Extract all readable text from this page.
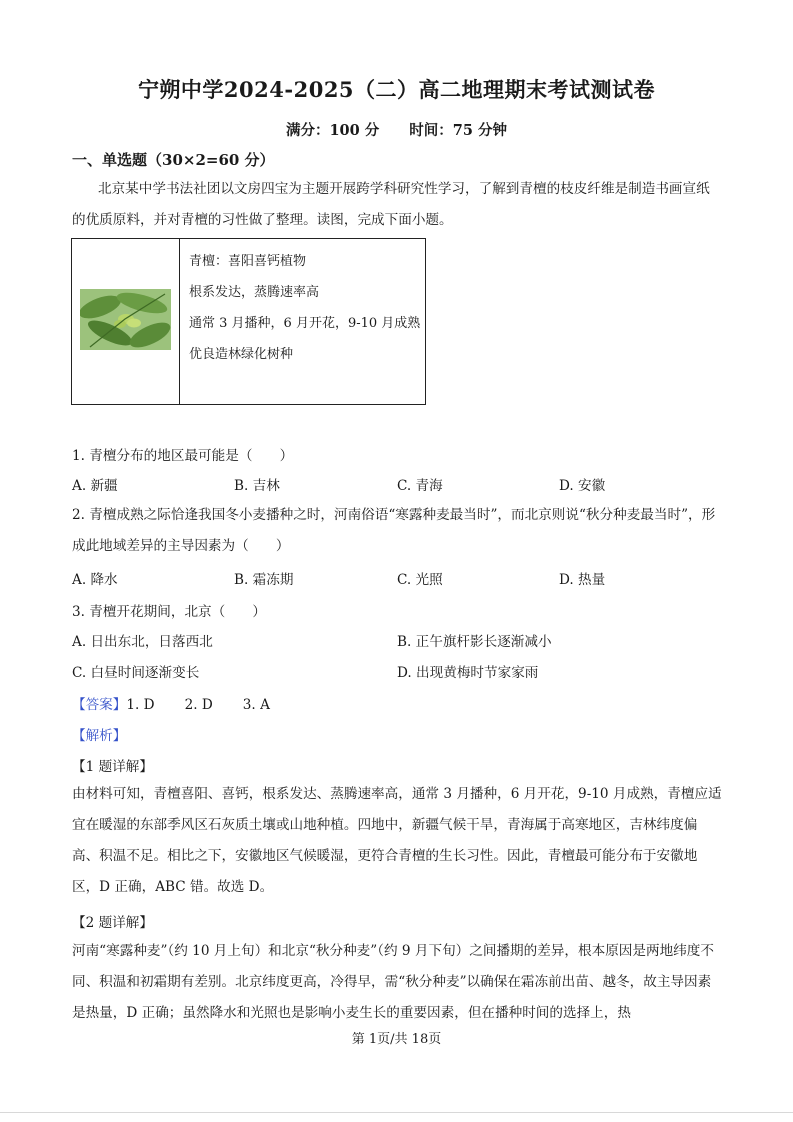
宁朔中学2024-2025（二）高二地理期末考试测试卷
满分：100 分 时间：75 分钟
一、单选题（30×2=60 分）
北京某中学书法社团以文房四宝为主题开展跨学科研究性学习，了解到青檀的枝皮纤维是制造书画宣纸的优质原料，并对青檀的习性做了整理。读图，完成下面小题。
青檀：喜阳喜钙植物
根系发达，蒸腾速率高
通常 3 月播种，6 月开花，9-10 月成熟
优良造林绿化树种
1. 青檀分布的地区最可能是（　　）
A. 新疆	B. 吉林	C. 青海	D. 安徽
2. 青檀成熟之际恰逢我国冬小麦播种之时，河南俗语“寒露种麦最当时”，而北京则说“秋分种麦最当时”，形成此地域差异的主导因素为（　　）
A. 降水	B. 霜冻期	C. 光照	D. 热量
3. 青檀开花期间，北京（　　）
A. 日出东北，日落西北	B. 正午旗杆影长逐渐减小
C. 白昼时间逐渐变长	D. 出现黄梅时节家家雨
【答案】1. D 2. D 3. A
【解析】
【1 题详解】
由材料可知，青檀喜阳、喜钙，根系发达、蒸腾速率高，通常 3 月播种，6 月开花，9-10 月成熟，青檀应适宜在暖湿的东部季风区石灰质土壤或山地种植。四地中，新疆气候干旱，青海属于高寒地区，吉林纬度偏高、积温不足。相比之下，安徽地区气候暖湿，更符合青檀的生长习性。因此，青檀最可能分布于安徽地区，D 正确，ABC 错。故选 D。
【2 题详解】
河南“寒露种麦”（约 10 月上旬）和北京“秋分种麦”（约 9 月下旬）之间播期的差异，根本原因是两地纬度不同、积温和初霜期有差别。北京纬度更高，冷得早，需“秋分种麦”以确保在霜冻前出苗、越冬，故主导因素是热量，D 正确；虽然降水和光照也是影响小麦生长的重要因素，但在播种时间的选择上，热
第 1页/共 18页
